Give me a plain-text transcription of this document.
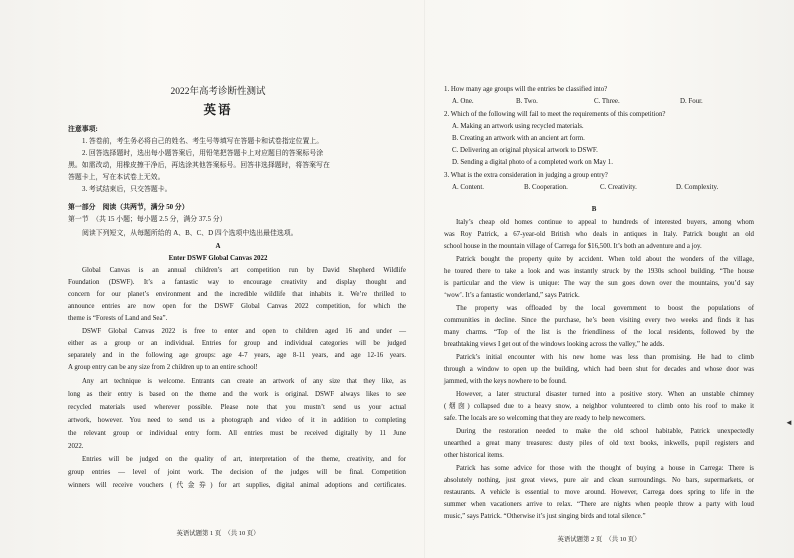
2022年高考诊断性测试
英语
注意事项:
1. 答卷前，考生务必将自己的姓名、考生号等填写在答题卡和试卷指定位置上。
2. 回答选择题时，选出每小题答案后，用铅笔把答题卡上对应题目的答案标号涂
黑。如需改动，用橡皮擦干净后，再选涂其他答案标号。回答非选择题时，将答案写在
答题卡上，写在本试卷上无效。
3. 考试结束后，只交答题卡。
第一部分　阅读（共两节，满分 50 分）
第一节　（共 15 小题；每小题 2.5 分，满分 37.5 分）
阅读下列短文，从每题所给的 A、B、C、D 四个选项中选出最佳选项。
A
Enter DSWF Global Canvas 2022
Global Canvas is an annual children’s art competition run by David Shepherd Wildlife
Foundation (DSWF). It’s a fantastic way to encourage creativity and display thought and
concern for our planet’s environment and the incredible wildlife that inhabits it. We’re thrilled to
announce entries are now open for the DSWF Global Canvas 2022 competition, for which the
theme is “Forests of Land and Sea”.
DSWF Global Canvas 2022 is free to enter and open to children aged 16 and under —
either as a group or an individual. Entries for group and individual categories will be judged
separately and in the following age groups: age 4-7 years, age 8-11 years, and age 12-16 years.
A group entry can be any size from 2 children up to an entire school!
Any art technique is welcome. Entrants can create an artwork of any size that they like, as
long as their entry is based on the theme and the work is original. DSWF always likes to see
recycled materials used wherever possible. Please note that you mustn’t send us your actual
artwork, however. You need to send us a photograph and video of it in addition to completing
the relevant group or individual entry form. All entries must be received digitally by 11 June
2022.
Entries will be judged on the quality of art, interpretation of the theme, creativity, and for
group entries — level of joint work. The decision of the judges will be final. Competition
winners will receive vouchers (代金券) for art supplies, digital animal adoptions and certificates.
英语试题第 1 页　（共 10 页）
1. How many age groups will the entries be classified into?
A. One.	B. Two.	C. Three.	D. Four.
2. Which of the following will fail to meet the requirements of this competition?
A. Making an artwork using recycled materials.
B. Creating an artwork with an ancient art form.
C. Delivering an original physical artwork to DSWF.
D. Sending a digital photo of a completed work on May 1.
3. What is the extra consideration in judging a group entry?
A. Content.	B. Cooperation.	C. Creativity.	D. Complexity.
B
Italy’s cheap old homes continue to appeal to hundreds of interested buyers, among whom
was Roy Patrick, a 67-year-old British who deals in antiques in Italy. Patrick bought an old
school house in the mountain village of Carrega for $16,500. It’s both an adventure and a joy.
Patrick bought the property quite by accident. When told about the wonders of the village,
he toured there to take a look and was instantly struck by the 1930s school building. “The house
is particular and the view is unique: The way the sun goes down over the mountains, you’d say
‘wow’. It’s a fantastic wonderland,” says Patrick.
The property was offloaded by the local government to boost the populations of
communities in decline. Since the purchase, he’s been visiting every two weeks and finds it has
many charms. “Top of the list is the friendliness of the local residents, followed by the
breathtaking views I get out of the windows looking across the valley,” he adds.
Patrick’s initial encounter with his new home was less than promising. He had to climb
through a window to open up the building, which had been shut for decades and whose door was
jammed, with the keys nowhere to be found.
However, a later structural disaster turned into a positive story. When an unstable chimney
(烟囱) collapsed due to a heavy snow, a neighbor volunteered to climb onto his roof to make it
safe. The locals are so welcoming that they are ready to help newcomers.
During the restoration needed to make the old school habitable, Patrick unexpectedly
unearthed a great many treasures: dusty piles of old text books, inkwells, pupil registers and
other historical items.
Patrick has some advice for those with the thought of buying a house in Carrega: There is
absolutely nothing, just great views, pure air and clean surroundings. No bars, supermarkets, or
restaurants. A vehicle is essential to move around. However, Carrega does spring to life in the
summer when vacationers arrive to relax. “There are nights when people throw a party with loud
music,” says Patrick. “Otherwise it’s just singing birds and total silence.”
英语试题第 2 页　（共 10 页）
◄
